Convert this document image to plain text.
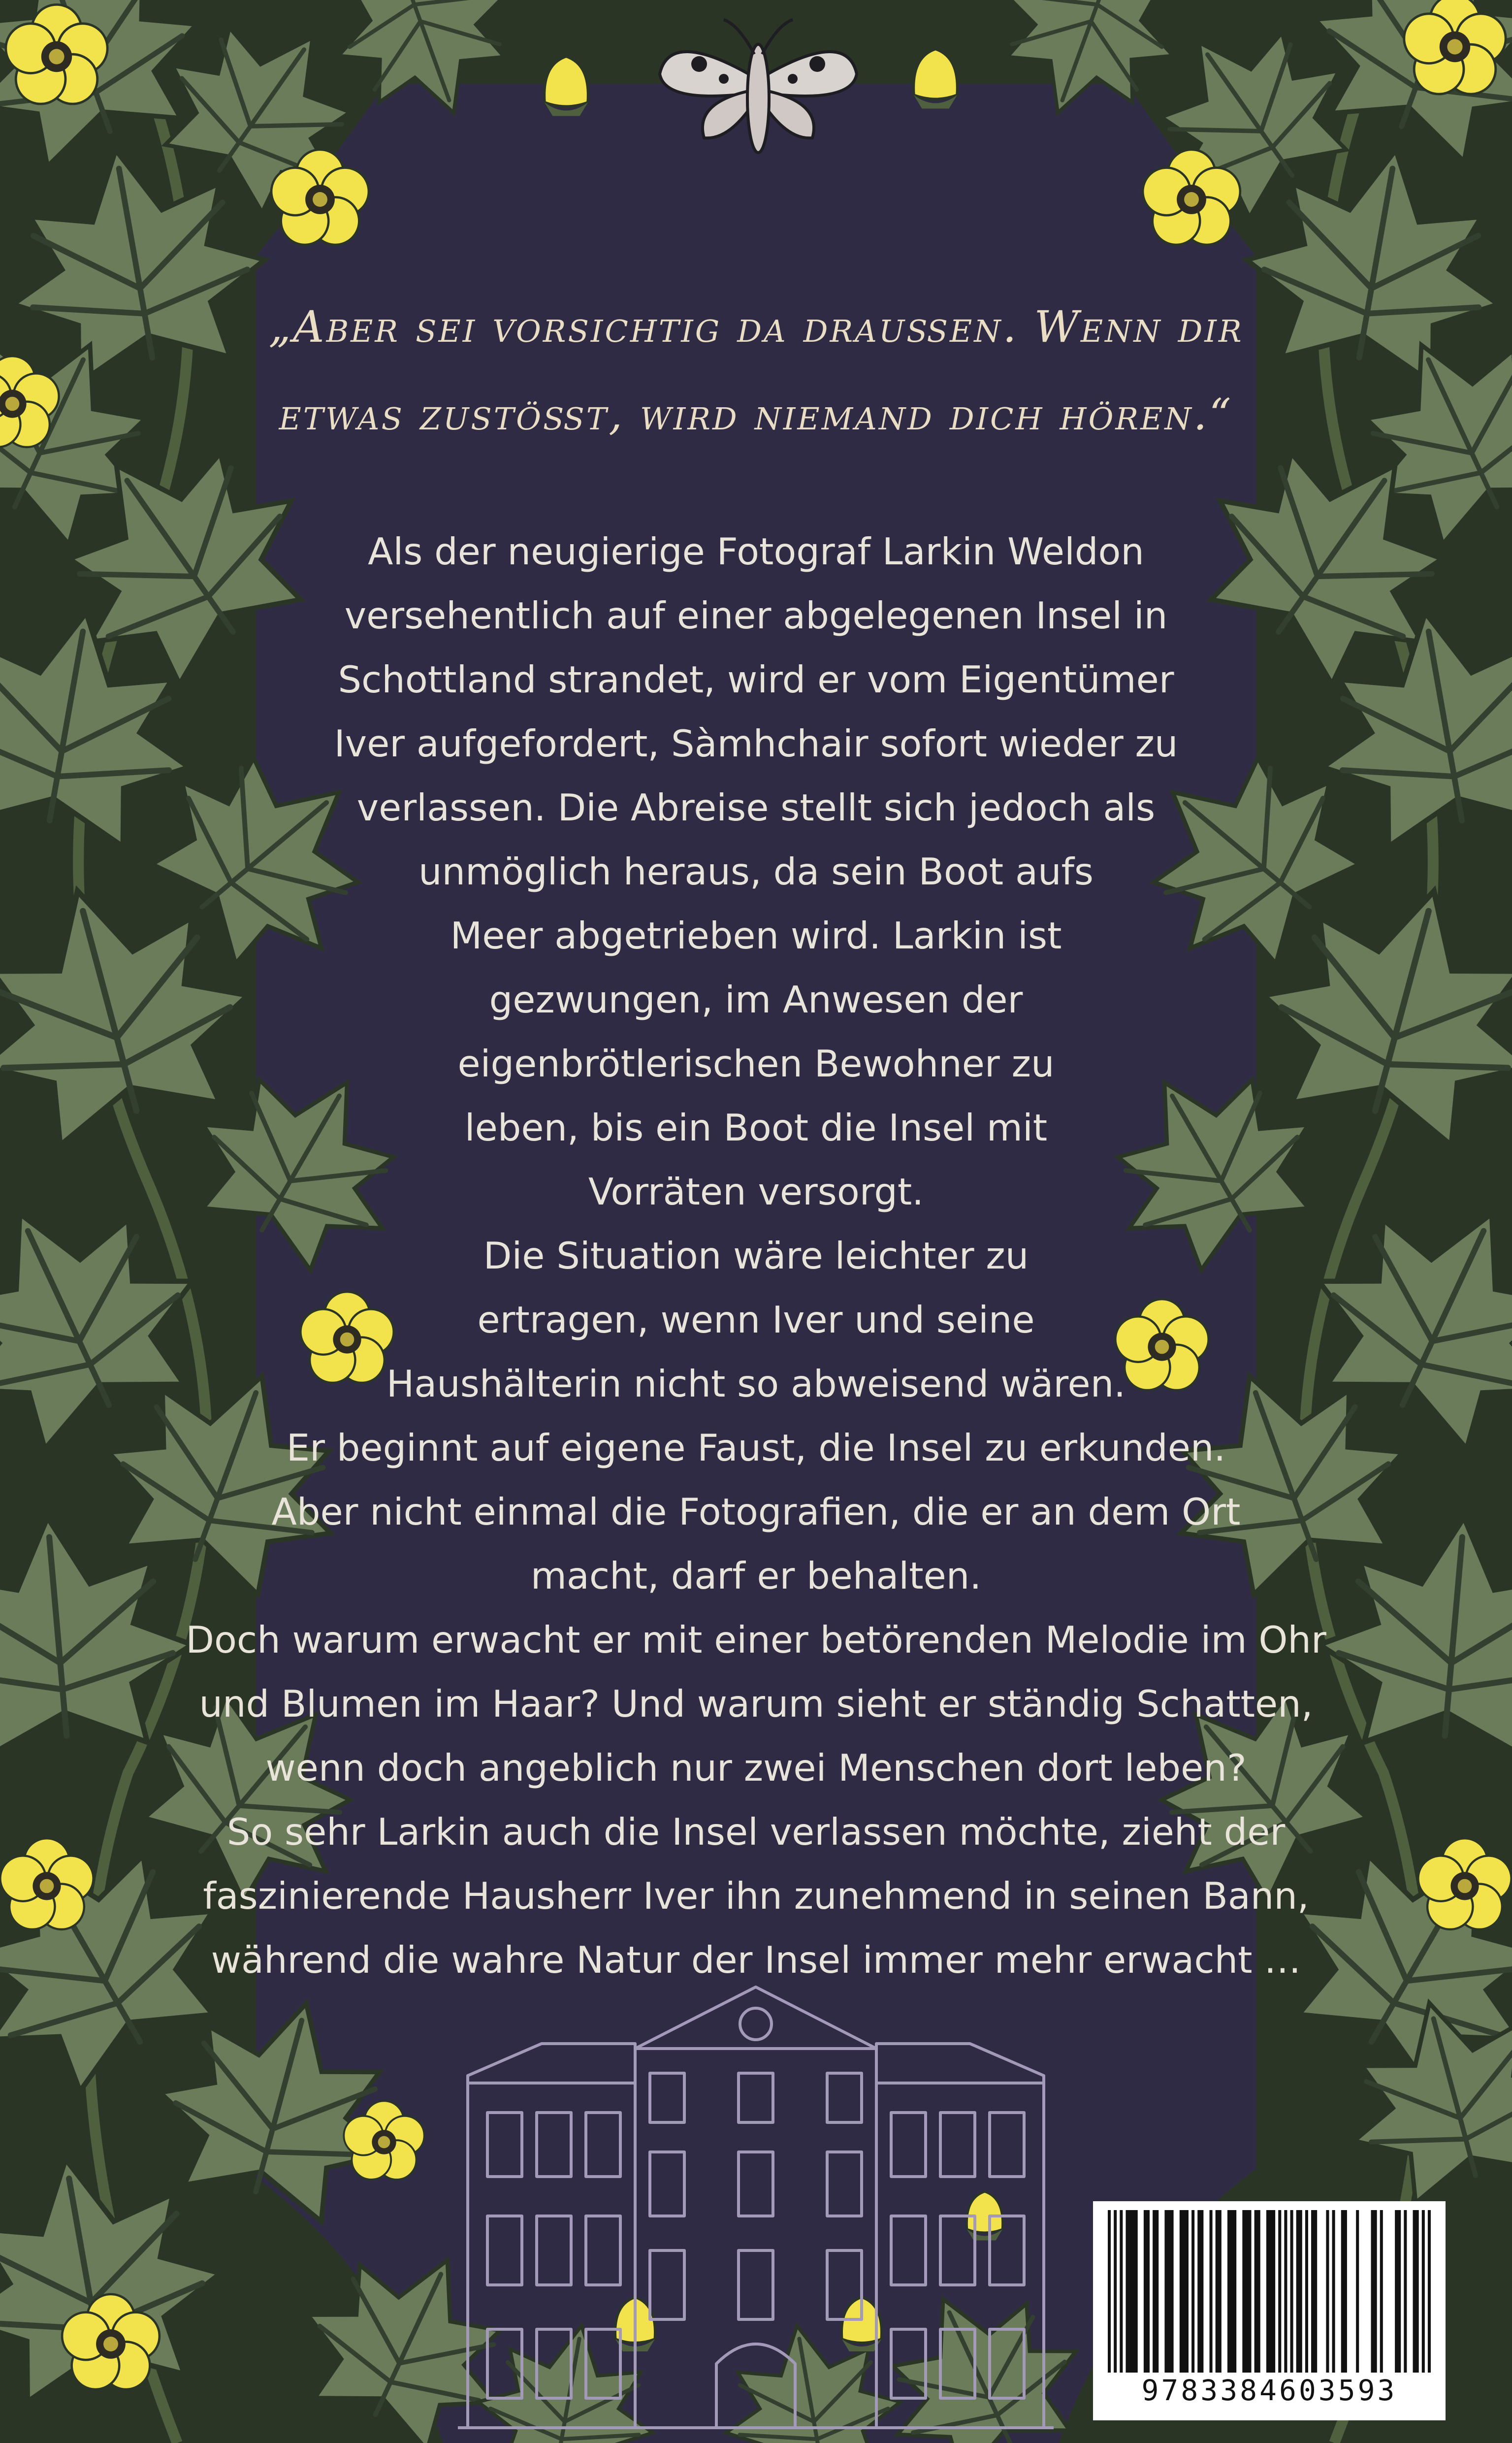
„Aber sei vorsichtig da draußen. Wenn dir
etwas zustößt, wird niemand dich hören.“
Als der neugierige Fotograf Larkin Weldon
versehentlich auf einer abgelegenen Insel in
Schottland strandet, wird er vom Eigentümer
Iver aufgefordert, Sàmhchair sofort wieder zu
verlassen. Die Abreise stellt sich jedoch als
unmöglich heraus, da sein Boot aufs
Meer abgetrieben wird. Larkin ist
gezwungen, im Anwesen der
eigenbrötlerischen Bewohner zu
leben, bis ein Boot die Insel mit
Vorräten versorgt.
Die Situation wäre leichter zu
ertragen, wenn Iver und seine
Haushälterin nicht so abweisend wären.
Er beginnt auf eigene Faust, die Insel zu erkunden.
Aber nicht einmal die Fotografien, die er an dem Ort
macht, darf er behalten.
Doch warum erwacht er mit einer betörenden Melodie im Ohr
und Blumen im Haar? Und warum sieht er ständig Schatten,
wenn doch angeblich nur zwei Menschen dort leben?
So sehr Larkin auch die Insel verlassen möchte, zieht der
faszinierende Hausherr Iver ihn zunehmend in seinen Bann,
während die wahre Natur der Insel immer mehr erwacht …
9783384603593
